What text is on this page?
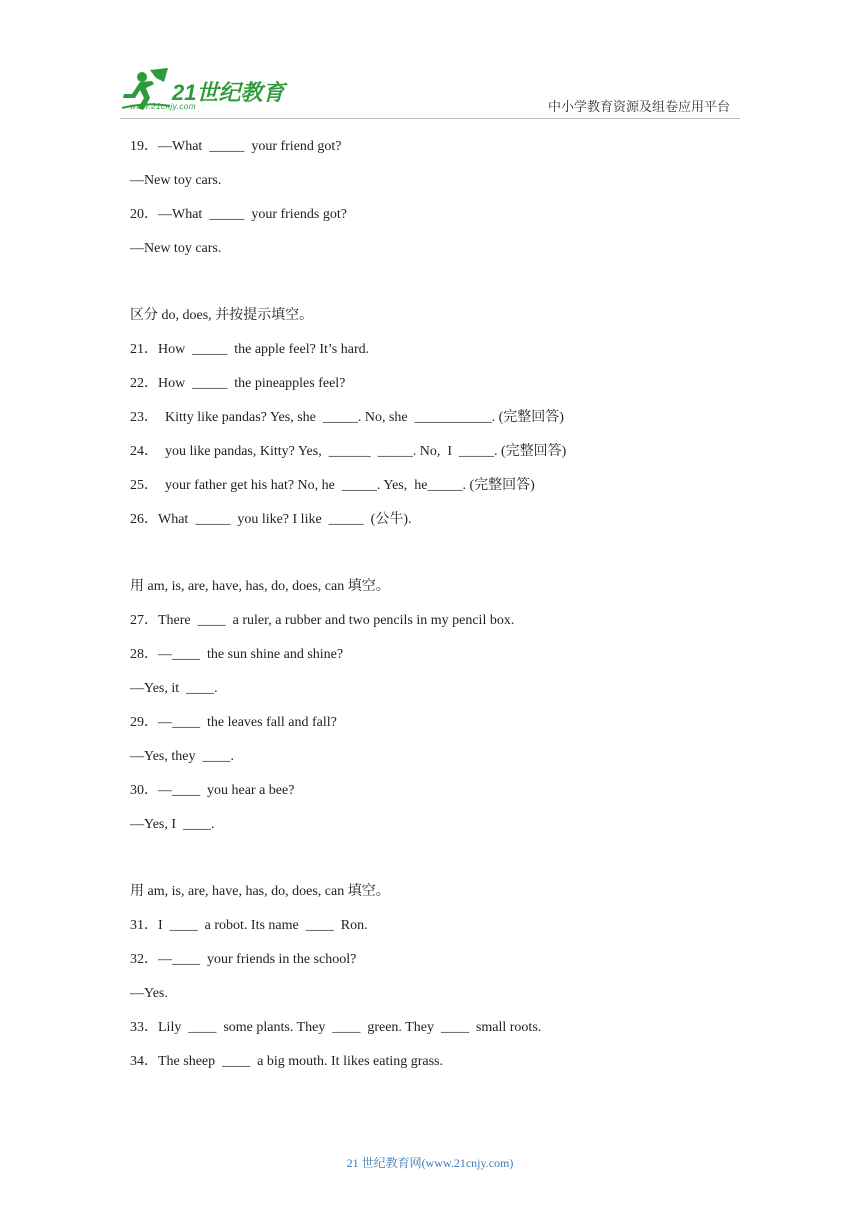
21世纪教育
www.21cnjy.com	中小学教育资源及组卷应用平台
19．—What  _____  your friend got?
—New toy cars.
20．—What  _____  your friends got?
—New toy cars.
区分 do, does, 并按提示填空。
21．How  _____  the apple feel? It’s hard.
22．How  _____  the pineapples feel?
23．  Kitty like pandas? Yes, she  _____. No, she  ___________. (完整回答)
24．  you like pandas, Kitty? Yes,  ______  _____. No,  I  _____. (完整回答)
25．  your father get his hat? No, he  _____. Yes,  he_____. (完整回答)
26．What  _____  you like? I like  _____  (公牛).
用 am, is, are, have, has, do, does, can 填空。
27．There  ____  a ruler, a rubber and two pencils in my pencil box.
28．—____  the sun shine and shine?
—Yes, it  ____.
29．—____  the leaves fall and fall?
—Yes, they  ____.
30．—____  you hear a bee?
—Yes, I  ____.
用 am, is, are, have, has, do, does, can 填空。
31．I  ____  a robot. Its name  ____  Ron.
32．—____  your friends in the school?
—Yes.
33．Lily  ____  some plants. They  ____  green. They  ____  small roots.
34．The sheep  ____  a big mouth. It likes eating grass.
21 世纪教育网(www.21cnjy.com)
